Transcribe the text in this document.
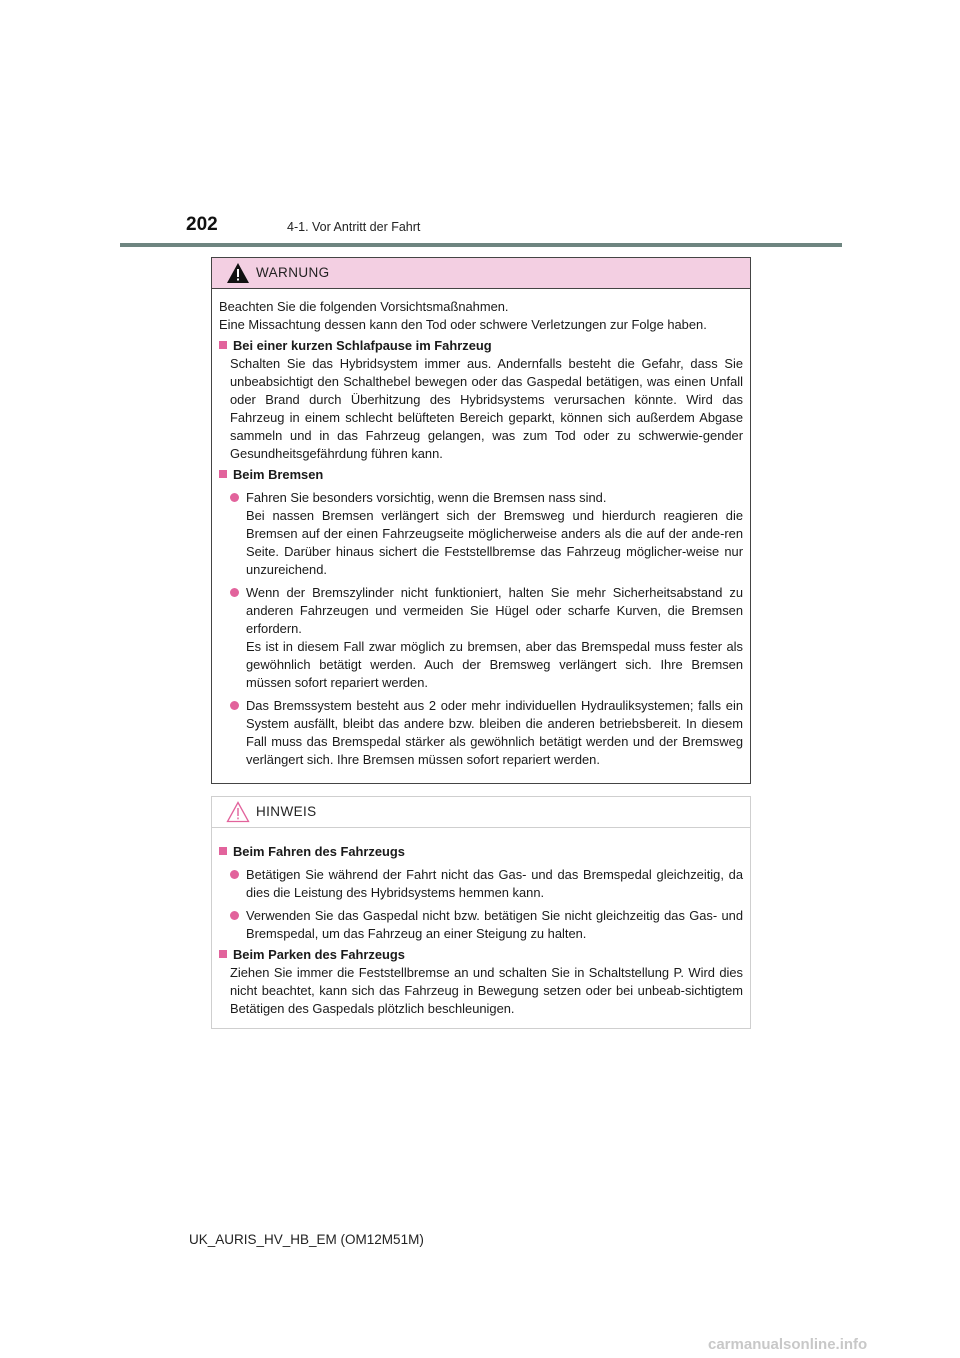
202	4-1. Vor Antritt der Fahrt
WARNUNG

Beachten Sie die folgenden Vorsichtsmaßnahmen.

Eine Missachtung dessen kann den Tod oder schwere Verletzungen zur Folge haben.

Bei einer kurzen Schlafpause im Fahrzeug

Schalten Sie das Hybridsystem immer aus. Andernfalls besteht die Gefahr, dass Sie unbeabsichtigt den Schalthebel bewegen oder das Gaspedal betätigen, was einen Unfall oder Brand durch Überhitzung des Hybridsystems verursachen könnte. Wird das Fahrzeug in einem schlecht belüfteten Bereich geparkt, können sich außerdem Abgase sammeln und in das Fahrzeug gelangen, was zum Tod oder zu schwerwie-gender Gesundheitsgefährdung führen kann.

Beim Bremsen

Fahren Sie besonders vorsichtig, wenn die Bremsen nass sind.

Bei nassen Bremsen verlängert sich der Bremsweg und hierdurch reagieren die Bremsen auf der einen Fahrzeugseite möglicherweise anders als die auf der ande-ren Seite. Darüber hinaus sichert die Feststellbremse das Fahrzeug möglicher-weise nur unzureichend.

Wenn der Bremszylinder nicht funktioniert, halten Sie mehr Sicherheitsabstand zu anderen Fahrzeugen und vermeiden Sie Hügel oder scharfe Kurven, die Bremsen erfordern.

Es ist in diesem Fall zwar möglich zu bremsen, aber das Bremspedal muss fester als gewöhnlich betätigt werden. Auch der Bremsweg verlängert sich. Ihre Bremsen müssen sofort repariert werden.

Das Bremssystem besteht aus 2 oder mehr individuellen Hydrauliksystemen; falls ein System ausfällt, bleibt das andere bzw. bleiben die anderen betriebsbereit. In diesem Fall muss das Bremspedal stärker als gewöhnlich betätigt werden und der Bremsweg verlängert sich. Ihre Bremsen müssen sofort repariert werden.

HINWEIS
Beim Fahren des Fahrzeugs

Betätigen Sie während der Fahrt nicht das Gas- und das Bremspedal gleichzeitig, da dies die Leistung des Hybridsystems hemmen kann.

Verwenden Sie das Gaspedal nicht bzw. betätigen Sie nicht gleichzeitig das Gas- und Bremspedal, um das Fahrzeug an einer Steigung zu halten.

Beim Parken des Fahrzeugs

Ziehen Sie immer die Feststellbremse an und schalten Sie in Schaltstellung P. Wird dies nicht beachtet, kann sich das Fahrzeug in Bewegung setzen oder bei unbeab-sichtigtem Betätigen des Gaspedals plötzlich beschleunigen.

UK_AURIS_HV_HB_EM (OM12M51M)
carmanualsonline.info
